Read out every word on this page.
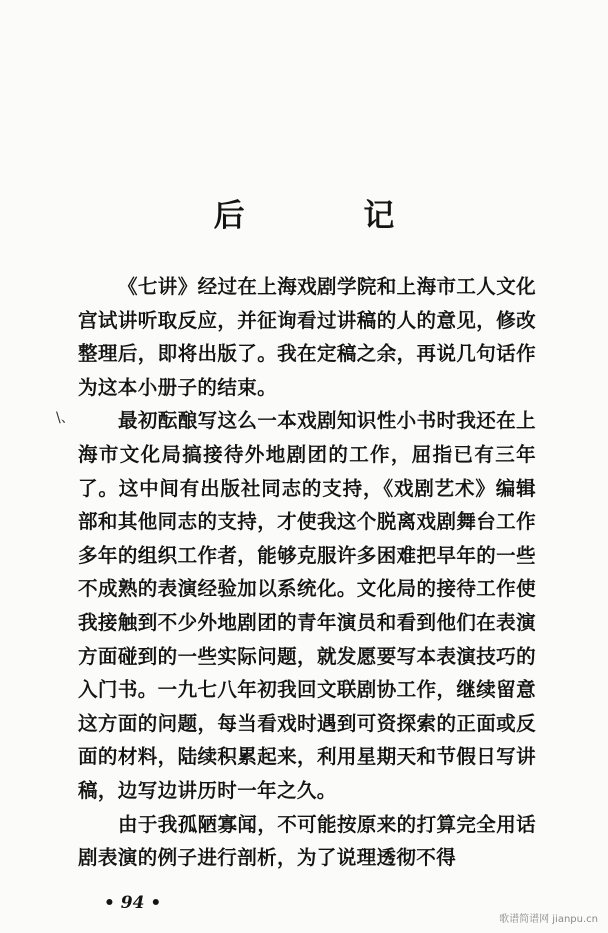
后 记
\、

《七讲》经过在上海戏剧学院和上海市工人文化宫试讲听取反应，并征询看过讲稿的人的意见，修改整理后，即将出版了。我在定稿之余，再说几句话作为这本小册子的结束。

最初酝酿写这么一本戏剧知识性小书时我还在上海市文化局搞接待外地剧团的工作，屈指已有三年了。这中间有出版社同志的支持，《戏剧艺术》编辑部和其他同志的支持，才使我这个脱离戏剧舞台工作多年的组织工作者，能够克服许多困难把早年的一些不成熟的表演经验加以系统化。文化局的接待工作使我接触到不少外地剧团的青年演员和看到他们在表演方面碰到的一些实际问题，就发愿要写本表演技巧的入门书。一九七八年初我回文联剧协工作，继续留意这方面的问题，每当看戏时遇到可资探索的正面或反面的材料，陆续积累起来，利用星期天和节假日写讲稿，边写边讲历时一年之久。

由于我孤陋寡闻，不可能按原来的打算完全用话剧表演的例子进行剖析，为了说理透彻不得

• 94 •
歌谱简谱网 jianpu.cn
